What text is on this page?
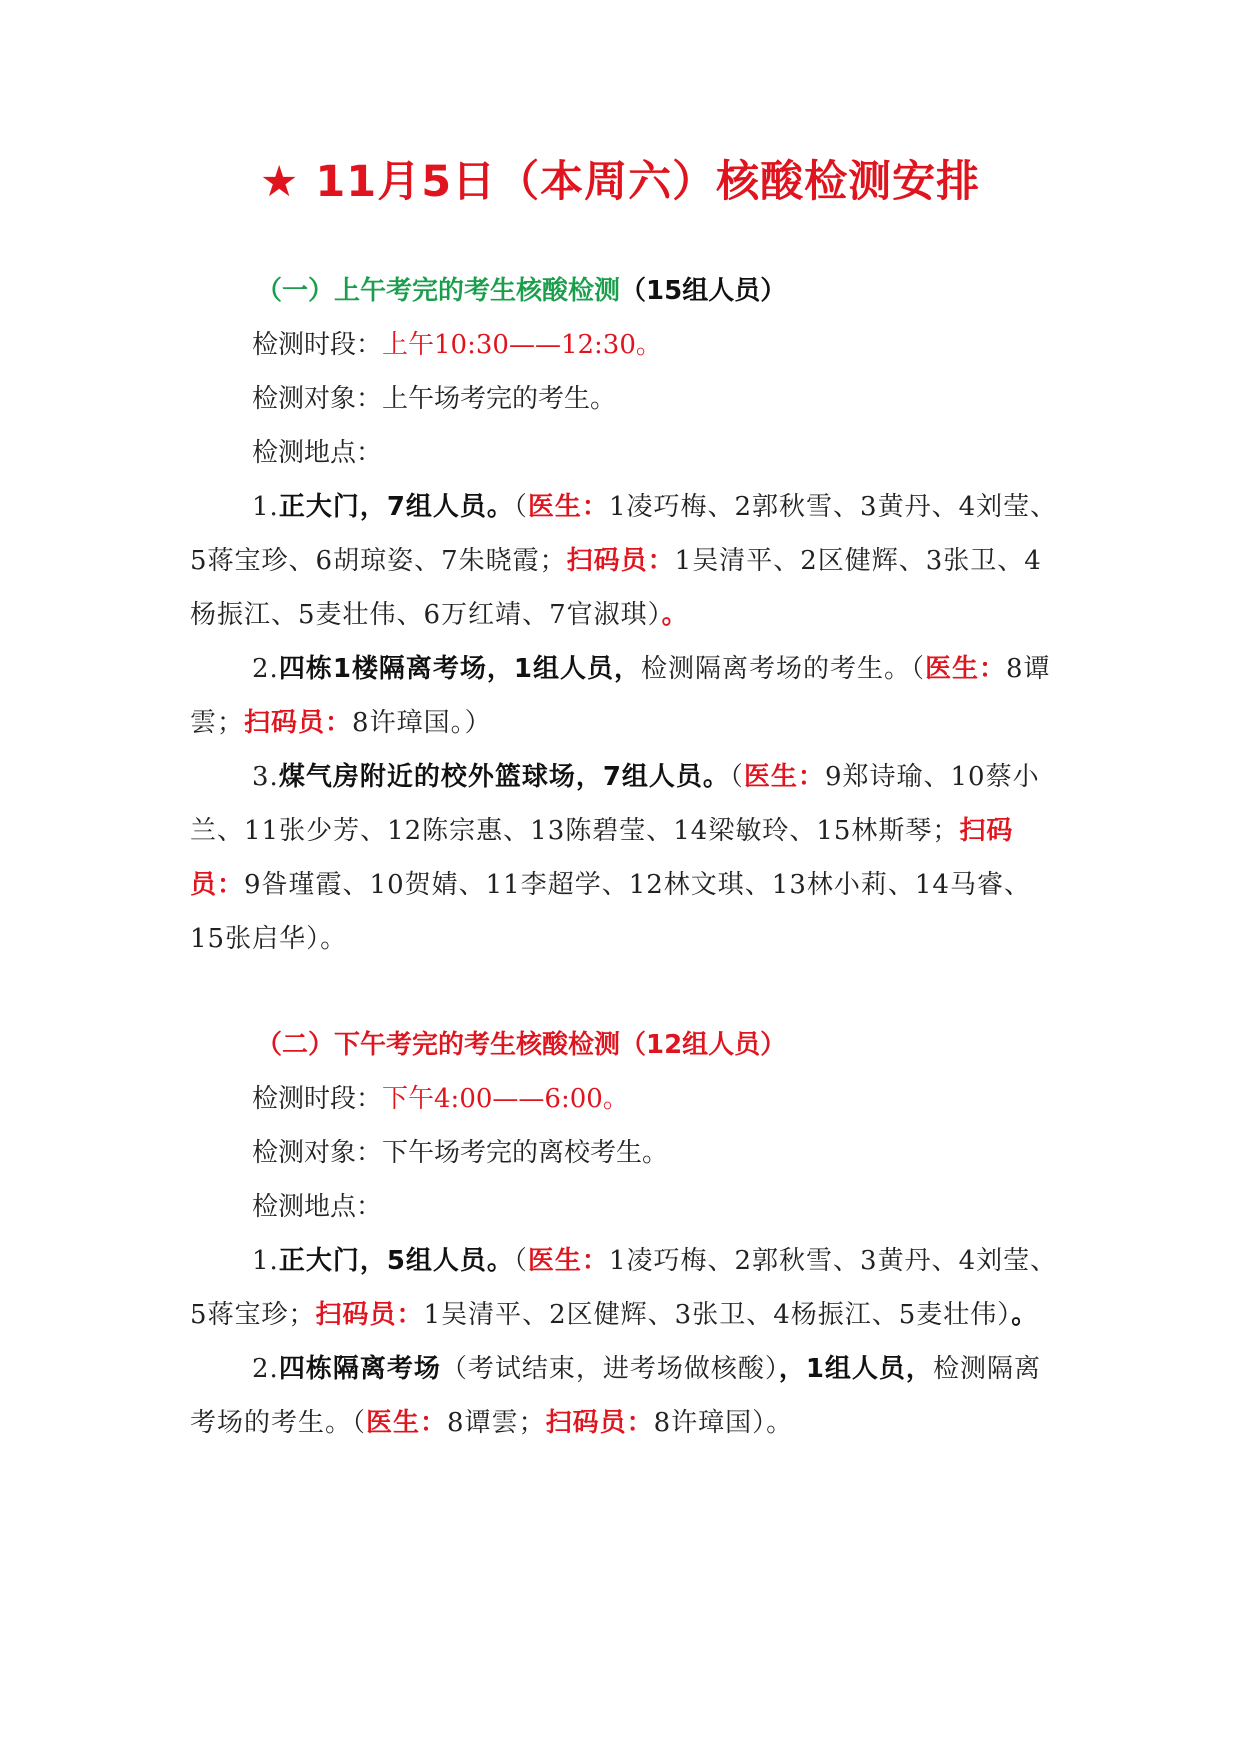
★ 11月5日（本周六）核酸检测安排
（一）上午考完的考生核酸检测（15组人员）
检测时段：上午10:30——12:30。
检测对象：上午场考完的考生。
检测地点：
1.正大门，7组人员。（医生：1凌巧梅、2郭秋雪、3黄丹、4刘莹、5蒋宝珍、6胡琼姿、7朱晓霞；扫码员：1吴清平、2区健辉、3张卫、4杨振江、5麦壮伟、6万红靖、7官淑琪）。
2.四栋1楼隔离考场，1组人员，检测隔离考场的考生。（医生：8谭雲；扫码员：8许璋国。）
3.煤气房附近的校外篮球场，7组人员。（医生：9郑诗瑜、10蔡小兰、11张少芳、12陈宗惠、13陈碧莹、14梁敏玲、15林斯琴；扫码员：9昝瑾霞、10贺婧、11李超学、12林文琪、13林小莉、14马睿、15张启华）。
（二）下午考完的考生核酸检测（12组人员）
检测时段：下午4:00——6:00。
检测对象：下午场考完的离校考生。
检测地点：
1.正大门，5组人员。（医生：1凌巧梅、2郭秋雪、3黄丹、4刘莹、5蒋宝珍；扫码员：1吴清平、2区健辉、3张卫、4杨振江、5麦壮伟）。
2.四栋隔离考场（考试结束，进考场做核酸），1组人员，检测隔离考场的考生。（医生：8谭雲；扫码员：8许璋国）。
